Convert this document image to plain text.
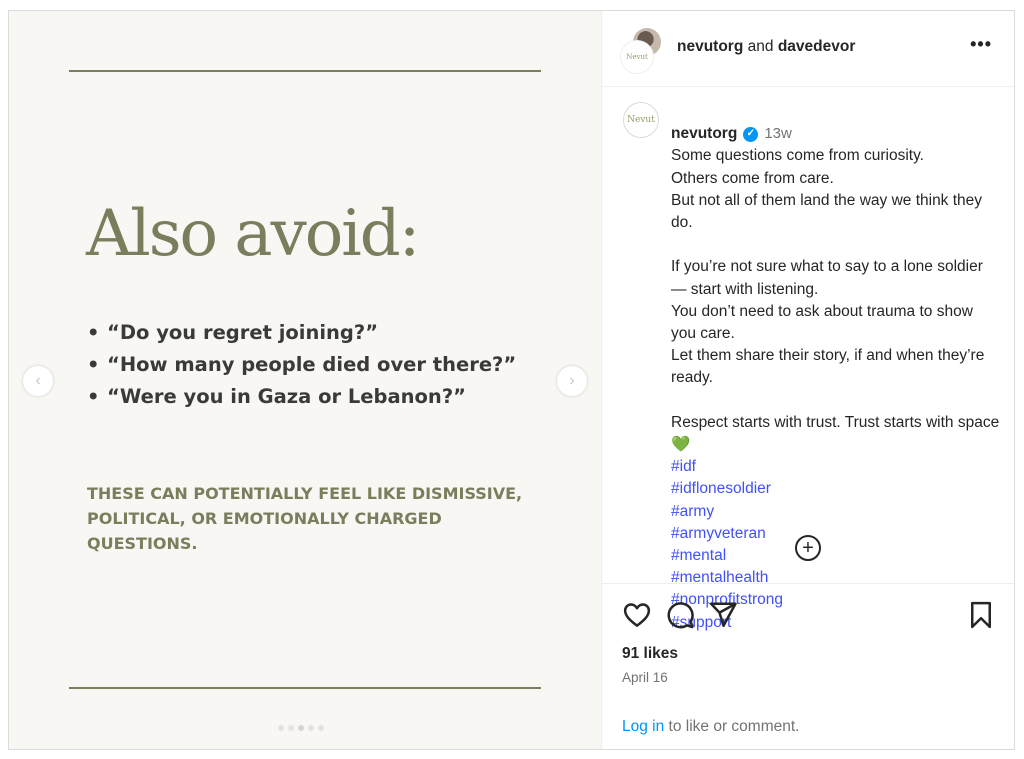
Also avoid:
• “Do you regret joining?”
• “How many people died over there?”
• “Were you in Gaza or Lebanon?”
THESE CAN POTENTIALLY FEEL LIKE DISMISSIVE, POLITICAL, OR EMOTIONALLY CHARGED QUESTIONS.
‹	›
Nevut
nevutorg and davedevor	•••
Nevut

nevutorg ✓ 13w
Some questions come from curiosity.
Others come from care.
But not all of them land the way we think they do.

If you’re not sure what to say to a lone soldier — start with listening.
You don’t need to ask about trauma to show you care.
Let them share their story, if and when they’re ready.

Respect starts with trust. Trust starts with space💚
#idf
#idflonesoldier
#army
#armyveteran
#mental
#mentalhealth
#nonprofitstrong
#support

+
91 likes
April 16
Log in to like or comment.
